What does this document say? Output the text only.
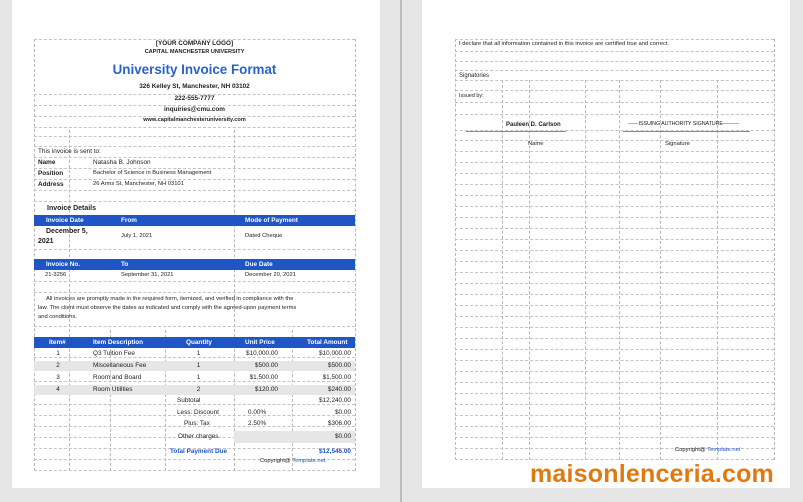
[YOUR COMPANY LOGO]
CAPITAL MANCHESTER UNIVERSITY
University Invoice Format
326 Kelley St, Manchester, NH 03102
222-555-7777
inquiries@cmu.com
www.capitalmanchesteruniversity.com
This invoice is sent to:
Name	Natasha B. Johnson
Position	Bachelor of Science in Business Management
Address	26 Arms St, Manchester, NH 03101
Invoice Details
Invoice Date	From	Mode of Payment
December 5,
2021
July 1, 2021	Dated Cheque
Invoice No.	To	Due Date
21-3256	September 31, 2021	December 20, 2021
All invoices are promptly made in the required form, itemized, and verified in compliance with the
law. The client must observe the dates as indicated and comply with the agreed-upon payment terms
and conditions.
Item#	Item Description	Quantity	Unit Price	Total Amount
1	Q3 Tuition Fee	1	$10,000.00	$10,000.00
2	Miscellaneous Fee	1	$500.00	$500.00
3	Room and Board	1	$1,500.00	$1,500.00
4	Room Utilities	2	$120.00	$240.00
Subtotal	$12,240.00
Less: Discount	0.00%	$0.00
Plus: Tax	2.50%	$306.00
Other charges	$0.00
Total Payment Due	$12,546.00
Copyright@ Template.net
I declare that all information contained in this invoice are certified true and correct.
Signatories
Issued by:
Pauleen D. Carlson	——ISSUING AUTHORITY SIGNATURE———
Name	Signature
Copyright@ Template.net
maisonlenceria.com
